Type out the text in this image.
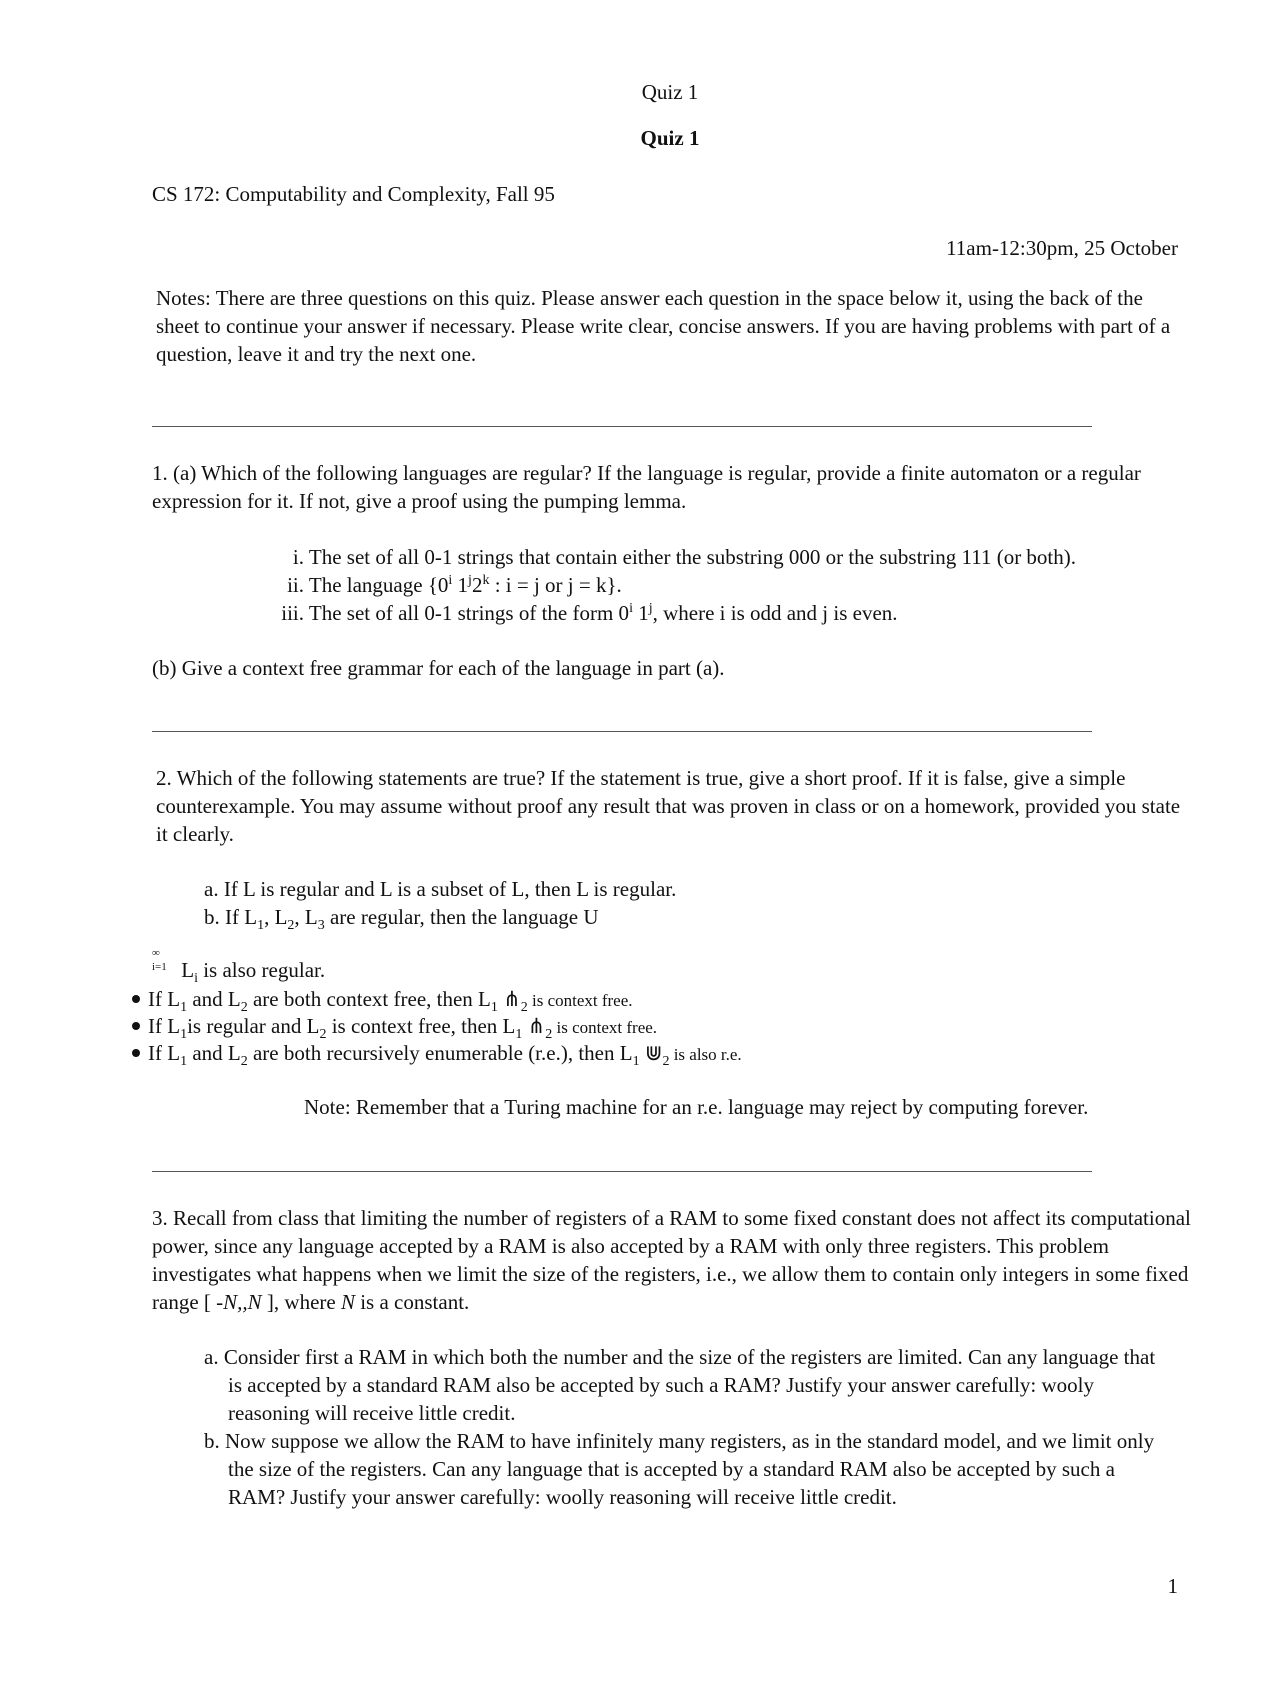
Quiz 1
Quiz 1
CS 172: Computability and Complexity, Fall 95
11am-12:30pm, 25 October
Notes: There are three questions on this quiz. Please answer each question in the space below it, using the back of the sheet to continue your answer if necessary. Please write clear, concise answers. If you are having problems with part of a question, leave it and try the next one.
1. (a) Which of the following languages are regular? If the language is regular, provide a finite automaton or a regular expression for it. If not, give a proof using the pumping lemma.
i. The set of all 0-1 strings that contain either the substring 000 or the substring 111 (or both).
ii. The language {0$^i$ 1$^j$2$^k$ : i = j or j = k}.
iii. The set of all 0-1 strings of the form 0$^i$ 1$^j$, where i is odd and j is even.
(b) Give a context free grammar for each of the language in part (a).
2. Which of the following statements are true? If the statement is true, give a short proof. If it is false, give a simple counterexample. You may assume without proof any result that was proven in class or on a homework, provided you state it clearly.
a. If L is regular and L is a subset of L, then L is regular.
b. If $L_1$, $L_2$, $L_3$ are regular, then the language U
∞
i=1 $L_i$ is also regular.
If $L_1$ and $L_2$ are both context free, then $L_1$ $⋔_2$ is context free.
If $L_1is$ regular and $L_2$ is context free, then $L_1$ $⋔_2$ is context free.
If $L_1$ and $L_2$ are both recursively enumerable (r.e.), then $L_1$ $⋓_2$ is also r.e.
Note: Remember that a Turing machine for an r.e. language may reject by computing forever.
3. Recall from class that limiting the number of registers of a RAM to some fixed constant does not affect its computational power, since any language accepted by a RAM is also accepted by a RAM with only three registers. This problem investigates what happens when we limit the size of the registers, i.e., we allow them to contain only integers in some fixed range [ -N,,N ], where N is a constant.
a. Consider first a RAM in which both the number and the size of the registers are limited. Can any language that is accepted by a standard RAM also be accepted by such a RAM? Justify your answer carefully: wooly reasoning will receive little credit.
b. Now suppose we allow the RAM to have infinitely many registers, as in the standard model, and we limit only the size of the registers. Can any language that is accepted by a standard RAM also be accepted by such a RAM? Justify your answer carefully: woolly reasoning will receive little credit.
1
